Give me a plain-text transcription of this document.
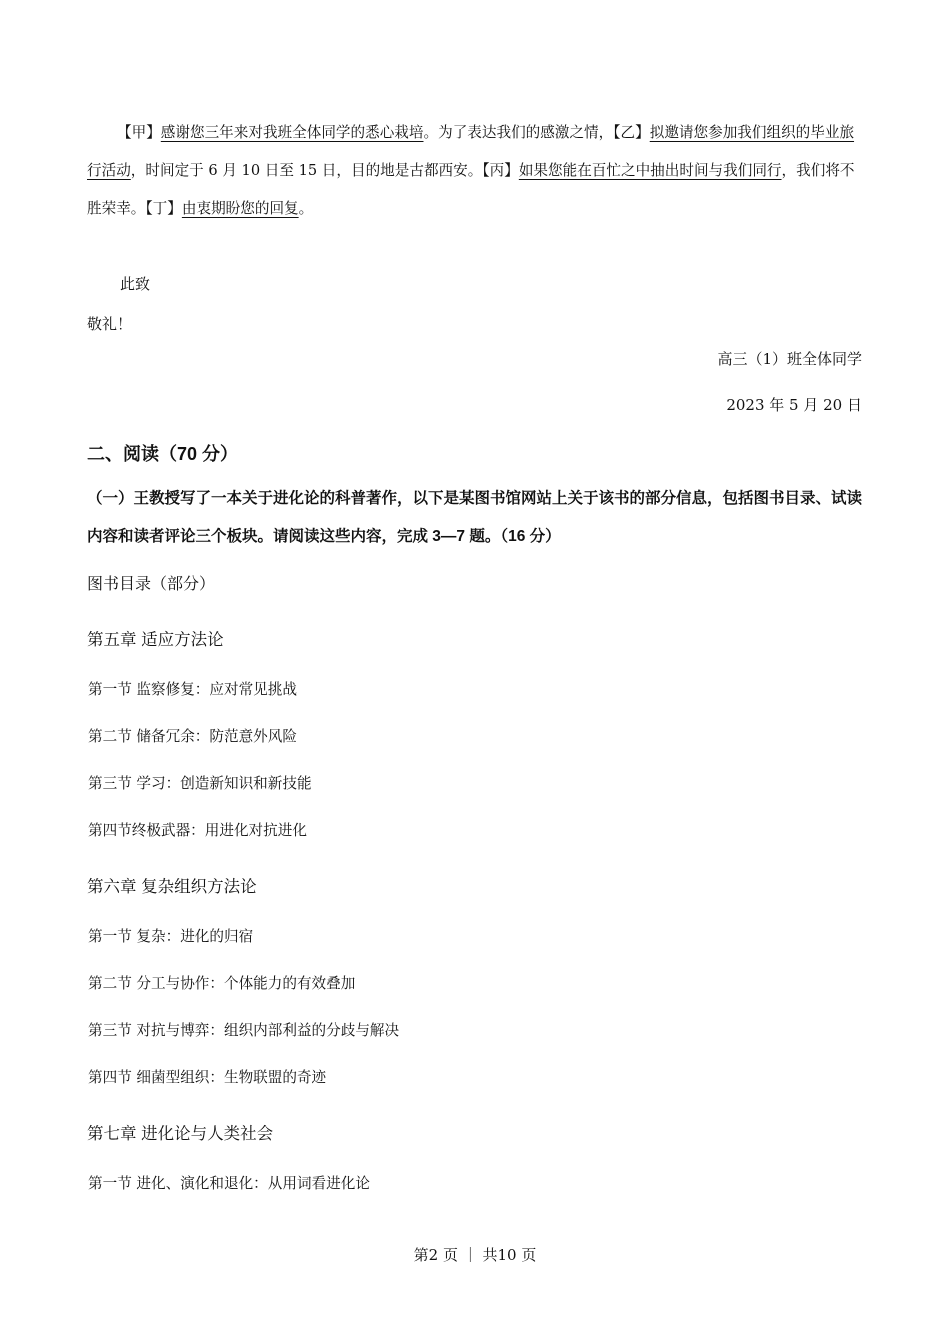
【甲】感谢您三年来对我班全体同学的悉心栽培。为了表达我们的感激之情，【乙】拟邀请您参加我们组织的毕业旅行活动，时间定于 6 月 10 日至 15 日，目的地是古都西安。【丙】如果您能在百忙之中抽出时间与我们同行，我们将不胜荣幸。【丁】由衷期盼您的回复。

此致

敬礼！

高三（1）班全体同学

2023 年 5 月 20 日

二、阅读（70 分）

（一）王教授写了一本关于进化论的科普著作，以下是某图书馆网站上关于该书的部分信息，包括图书目录、试读内容和读者评论三个板块。请阅读这些内容，完成 3—7 题。（16 分）

图书目录（部分）

第五章 适应方法论

第一节 监察修复：应对常见挑战

第二节 储备冗余：防范意外风险

第三节 学习：创造新知识和新技能

第四节终极武器：用进化对抗进化

第六章 复杂组织方法论

第一节 复杂：进化的归宿

第二节 分工与协作：个体能力的有效叠加

第三节 对抗与博弈：组织内部利益的分歧与解决

第四节 细菌型组织：生物联盟的奇迹

第七章 进化论与人类社会

第一节 进化、演化和退化：从用词看进化论

第2 页 ｜ 共10 页
